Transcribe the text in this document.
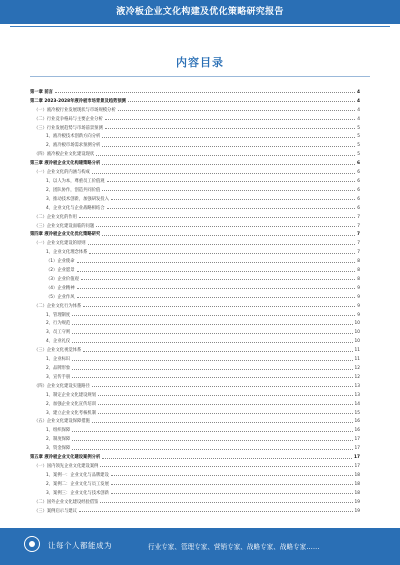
液冷板企业文化构建及优化策略研究报告
内容目录
第一章 前言	4
第二章 2023-2028年液冷板市场背景及趋势预测	4
（一）液冷板行业发展现状与市场规模分析	4
（二）行业竞争格局与主要企业分析	4
（三）行业发展趋势与市场前景预测	5
1、液冷板技术创新方向分析	5
2、液冷板市场需求预测分析	5
（四）液冷板企业文化建设现状	5
第三章 液冷板企业文化构建策略分析	6
（一）企业文化的内涵与构成	6
1、以人为本，尊重员工价值观	6
2、团队协作，创造共同价值	6
3、推动技术创新，加强研发投入	6
4、企业文化与企业战略相结合	6
（二）企业文化的作用	7
（三）企业文化建设面临的问题	7
第四章 液冷板企业文化优化策略研究	7
（一）企业文化建设的原则	7
1、企业文化理念体系	7
（1）企业使命	8
（2）企业愿景	8
（3）企业价值观	8
（4）企业精神	9
（5）企业作风	9
（二）企业文化行为体系	9
1、管理制度	9
2、行为规范	10
3、员工守则	10
4、企业礼仪	10
（三）企业文化视觉体系	11
1、企业标识	11
2、品牌形象	12
3、宣传手册	12
（四）企业文化建设实施路径	13
1、制定企业文化建设规划	13
2、加强企业文化宣传培训	14
3、建立企业文化考核机制	15
（五）企业文化建设保障措施	16
1、组织保障	16
2、制度保障	17
3、资金保障	17
第五章 液冷板企业文化建设案例分析	17
（一）国内领先企业文化建设案例	17
1、案例一：企业文化与品牌建设	18
2、案例二：企业文化与员工发展	18
3、案例三：企业文化与技术创新	18
（二）国外企业文化建设经验借鉴	19
（三）案例启示与建议	19
让每个人都能成为	行业专家、管理专家、营销专家、战略专家、战略专家……
